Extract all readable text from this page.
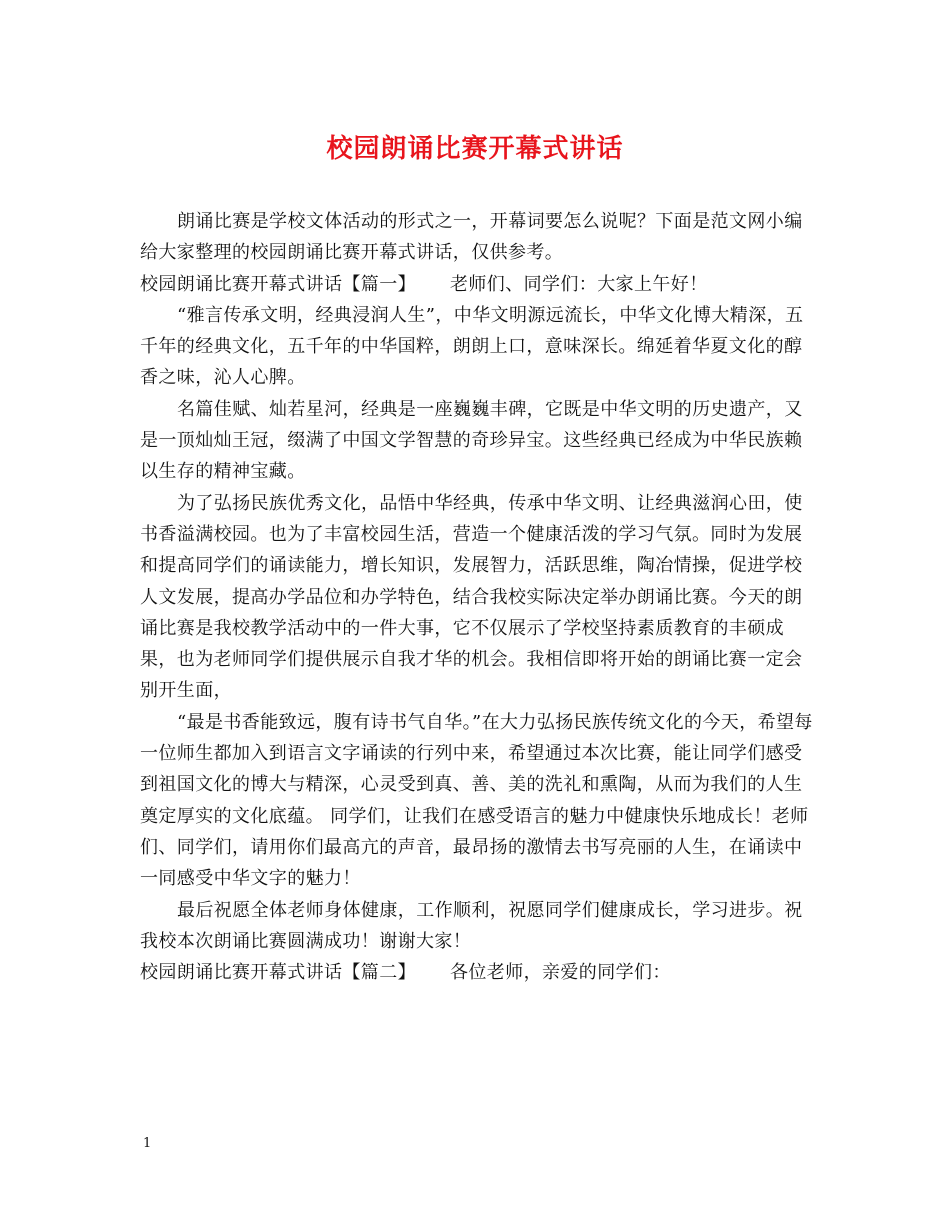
校园朗诵比赛开幕式讲话

朗诵比赛是学校文体活动的形式之一，开幕词要怎么说呢？下面是范文网小编给大家整理的校园朗诵比赛开幕式讲话，仅供参考。

校园朗诵比赛开幕式讲话【篇一】 老师们、同学们：大家上午好！

“雅言传承文明，经典浸润人生”，中华文明源远流长，中华文化博大精深，五千年的经典文化，五千年的中华国粹，朗朗上口，意味深长。绵延着华夏文化的醇香之味，沁人心脾。

名篇佳赋、灿若星河，经典是一座巍巍丰碑，它既是中华文明的历史遗产，又是一顶灿灿王冠，缀满了中国文学智慧的奇珍异宝。这些经典已经成为中华民族赖以生存的精神宝藏。

为了弘扬民族优秀文化，品悟中华经典，传承中华文明、让经典滋润心田，使书香溢满校园。也为了丰富校园生活，营造一个健康活泼的学习气氛。同时为发展和提高同学们的诵读能力，增长知识，发展智力，活跃思维，陶冶情操，促进学校人文发展，提高办学品位和办学特色，结合我校实际决定举办朗诵比赛。今天的朗诵比赛是我校教学活动中的一件大事，它不仅展示了学校坚持素质教育的丰硕成果，也为老师同学们提供展示自我才华的机会。我相信即将开始的朗诵比赛一定会别开生面，

“最是书香能致远，腹有诗书气自华。”在大力弘扬民族传统文化的今天，希望每一位师生都加入到语言文字诵读的行列中来，希望通过本次比赛，能让同学们感受到祖国文化的博大与精深，心灵受到真、善、美的洗礼和熏陶，从而为我们的人生奠定厚实的文化底蕴。 同学们，让我们在感受语言的魅力中健康快乐地成长！老师们、同学们，请用你们最高亢的声音，最昂扬的激情去书写亮丽的人生，在诵读中一同感受中华文字的魅力！

最后祝愿全体老师身体健康，工作顺利，祝愿同学们健康成长，学习进步。祝我校本次朗诵比赛圆满成功！谢谢大家！

校园朗诵比赛开幕式讲话【篇二】 各位老师，亲爱的同学们：

1
